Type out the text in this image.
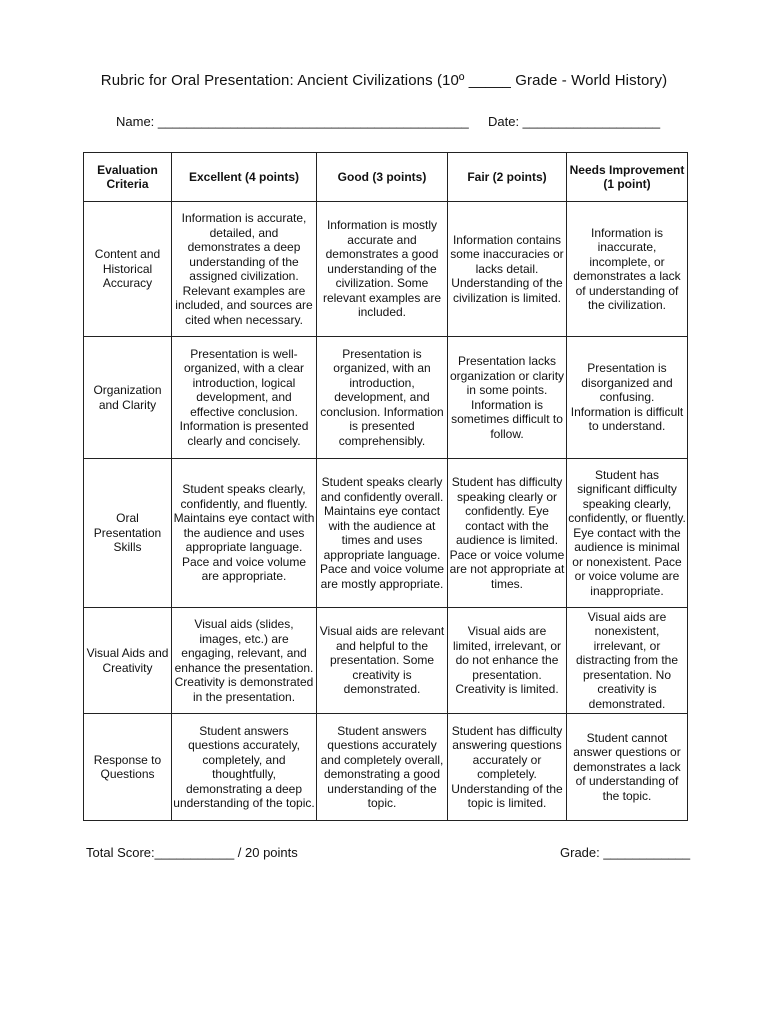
Rubric for Oral Presentation: Ancient Civilizations (10º _____ Grade - World History)
Name: ___________________________________________ Date: ___________________
Evaluation Criteria	Excellent (4 points)	Good (3 points)	Fair (2 points)	Needs Improvement (1 point)
Content and Historical Accuracy	Information is accurate, detailed, and demonstrates a deep understanding of the assigned civilization. Relevant examples are included, and sources are cited when necessary.	Information is mostly accurate and demonstrates a good understanding of the civilization. Some relevant examples are included.	Information contains some inaccuracies or lacks detail. Understanding of the civilization is limited.	Information is inaccurate, incomplete, or demonstrates a lack of understanding of the civilization.
Organization and Clarity	Presentation is well-organized, with a clear introduction, logical development, and effective conclusion. Information is presented clearly and concisely.	Presentation is organized, with an introduction, development, and conclusion. Information is presented comprehensibly.	Presentation lacks organization or clarity in some points. Information is sometimes difficult to follow.	Presentation is disorganized and confusing. Information is difficult to understand.
Oral Presentation Skills	Student speaks clearly, confidently, and fluently. Maintains eye contact with the audience and uses appropriate language. Pace and voice volume are appropriate.	Student speaks clearly and confidently overall. Maintains eye contact with the audience at times and uses appropriate language. Pace and voice volume are mostly appropriate.	Student has difficulty speaking clearly or confidently. Eye contact with the audience is limited. Pace or voice volume are not appropriate at times.	Student has significant difficulty speaking clearly, confidently, or fluently. Eye contact with the audience is minimal or nonexistent. Pace or voice volume are inappropriate.
Visual Aids and Creativity	Visual aids (slides, images, etc.) are engaging, relevant, and enhance the presentation. Creativity is demonstrated in the presentation.	Visual aids are relevant and helpful to the presentation. Some creativity is demonstrated.	Visual aids are limited, irrelevant, or do not enhance the presentation. Creativity is limited.	Visual aids are nonexistent, irrelevant, or distracting from the presentation. No creativity is demonstrated.
Response to Questions	Student answers questions accurately, completely, and thoughtfully, demonstrating a deep understanding of the topic.	Student answers questions accurately and completely overall, demonstrating a good understanding of the topic.	Student has difficulty answering questions accurately or completely. Understanding of the topic is limited.	Student cannot answer questions or demonstrates a lack of understanding of the topic.
Total Score:___________ / 20 points	Grade: ____________
